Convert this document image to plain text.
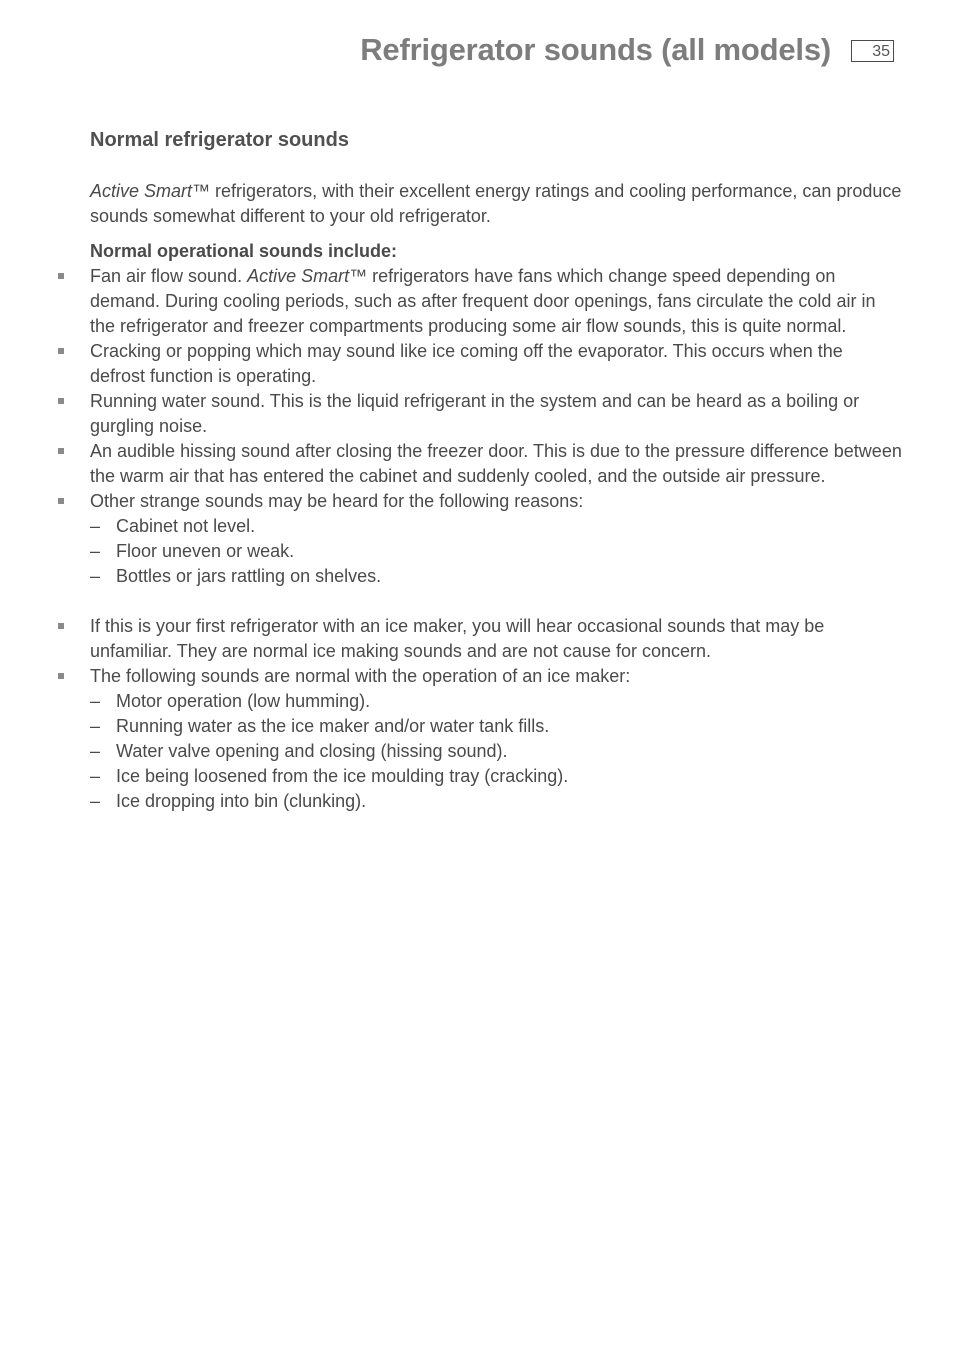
Refrigerator sounds (all models)	35
Normal refrigerator sounds

Active Smart™ refrigerators, with their excellent energy ratings and cooling performance, can produce sounds somewhat different to your old refrigerator.

Normal operational sounds include:

Fan air flow sound. Active Smart™ refrigerators have fans which change speed depending on demand. During cooling periods, such as after frequent door openings, fans circulate the cold air in the refrigerator and freezer compartments producing some air flow sounds, this is quite normal.
Cracking or popping which may sound like ice coming off the evaporator. This occurs when the defrost function is operating.
Running water sound. This is the liquid refrigerant in the system and can be heard as a boiling or gurgling noise.
An audible hissing sound after closing the freezer door. This is due to the pressure difference between the warm air that has entered the cabinet and suddenly cooled, and the outside air pressure.
Other strange sounds may be heard for the following reasons:
– Cabinet not level.
– Floor uneven or weak.
– Bottles or jars rattling on shelves.
If this is your first refrigerator with an ice maker, you will hear occasional sounds that may be unfamiliar. They are normal ice making sounds and are not cause for concern.
The following sounds are normal with the operation of an ice maker:
– Motor operation (low humming).
– Running water as the ice maker and/or water tank fills.
– Water valve opening and closing (hissing sound).
– Ice being loosened from the ice moulding tray (cracking).
– Ice dropping into bin (clunking).
